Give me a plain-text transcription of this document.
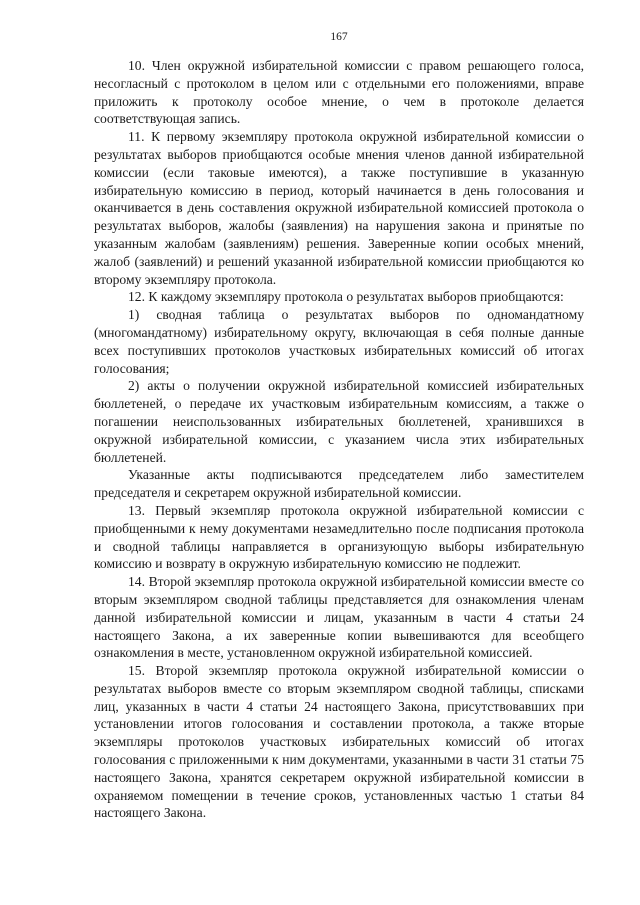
167

10. Член окружной избирательной комиссии с правом решающего голоса, несогласный с протоколом в целом или с отдельными его положениями, вправе приложить к протоколу особое мнение, о чем в протоколе делается соответствующая запись.

11. К первому экземпляру протокола окружной избирательной комиссии о результатах выборов приобщаются особые мнения членов данной избирательной комиссии (если таковые имеются), а также поступившие в указанную избирательную комиссию в период, который начинается в день голосования и оканчивается в день составления окружной избирательной комиссией протокола о результатах выборов, жалобы (заявления) на нарушения закона и принятые по указанным жалобам (заявлениям) решения. Заверенные копии особых мнений, жалоб (заявлений) и решений указанной избирательной комиссии приобщаются ко второму экземпляру протокола.

12. К каждому экземпляру протокола о результатах выборов приобщаются:

1) сводная таблица о результатах выборов по одномандатному (многомандатному) избирательному округу, включающая в себя полные данные всех поступивших протоколов участковых избирательных комиссий об итогах голосования;

2) акты о получении окружной избирательной комиссией избирательных бюллетеней, о передаче их участковым избирательным комиссиям, а также о погашении неиспользованных избирательных бюллетеней, хранившихся в окружной избирательной комиссии, с указанием числа этих избирательных бюллетеней.

Указанные акты подписываются председателем либо заместителем председателя и секретарем окружной избирательной комиссии.

13. Первый экземпляр протокола окружной избирательной комиссии с приобщенными к нему документами незамедлительно после подписания протокола и сводной таблицы направляется в организующую выборы избирательную комиссию и возврату в окружную избирательную комиссию не подлежит.

14. Второй экземпляр протокола окружной избирательной комиссии вместе со вторым экземпляром сводной таблицы представляется для ознакомления членам данной избирательной комиссии и лицам, указанным в части 4 статьи 24 настоящего Закона, а их заверенные копии вывешиваются для всеобщего ознакомления в месте, установленном окружной избирательной комиссией.

15. Второй экземпляр протокола окружной избирательной комиссии о результатах выборов вместе со вторым экземпляром сводной таблицы, списками лиц, указанных в части 4 статьи 24 настоящего Закона, присутствовавших при установлении итогов голосования и составлении протокола, а также вторые экземпляры протоколов участковых избирательных комиссий об итогах голосования с приложенными к ним документами, указанными в части 31 статьи 75 настоящего Закона, хранятся секретарем окружной избирательной комиссии в охраняемом помещении в течение сроков, установленных частью 1 статьи 84 настоящего Закона.
